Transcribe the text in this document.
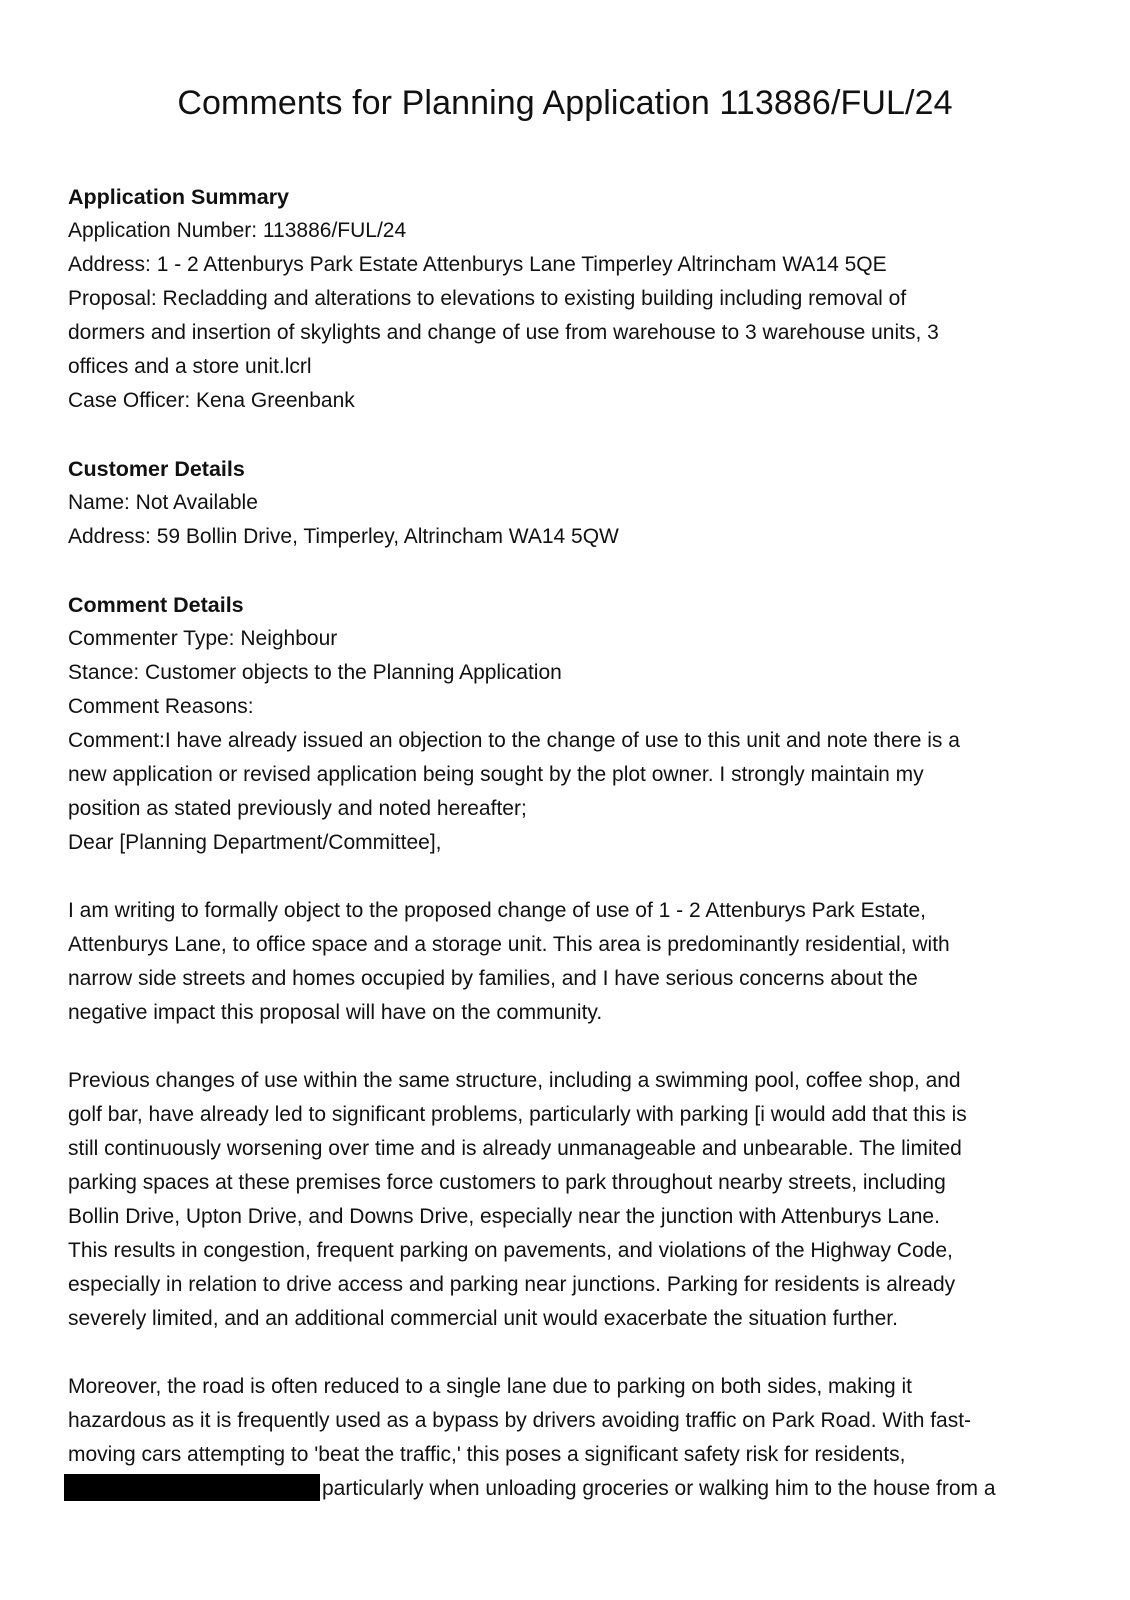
Comments for Planning Application 113886/FUL/24

Application Summary

Application Number: 113886/FUL/24

Address: 1 - 2 Attenburys Park Estate Attenburys Lane Timperley Altrincham WA14 5QE

Proposal: Recladding and alterations to elevations to existing building including removal of

dormers and insertion of skylights and change of use from warehouse to 3 warehouse units, 3

offices and a store unit.lcrl

Case Officer: Kena Greenbank

Customer Details

Name: Not Available

Address: 59 Bollin Drive, Timperley, Altrincham WA14 5QW

Comment Details

Commenter Type: Neighbour

Stance: Customer objects to the Planning Application

Comment Reasons:

Comment:I have already issued an objection to the change of use to this unit and note there is a

new application or revised application being sought by the plot owner. I strongly maintain my

position as stated previously and noted hereafter;

Dear [Planning Department/Committee],

I am writing to formally object to the proposed change of use of 1 - 2 Attenburys Park Estate,

Attenburys Lane, to office space and a storage unit. This area is predominantly residential, with

narrow side streets and homes occupied by families, and I have serious concerns about the

negative impact this proposal will have on the community.

Previous changes of use within the same structure, including a swimming pool, coffee shop, and

golf bar, have already led to significant problems, particularly with parking [i would add that this is

still continuously worsening over time and is already unmanageable and unbearable. The limited

parking spaces at these premises force customers to park throughout nearby streets, including

Bollin Drive, Upton Drive, and Downs Drive, especially near the junction with Attenburys Lane.

This results in congestion, frequent parking on pavements, and violations of the Highway Code,

especially in relation to drive access and parking near junctions. Parking for residents is already

severely limited, and an additional commercial unit would exacerbate the situation further.

Moreover, the road is often reduced to a single lane due to parking on both sides, making it

hazardous as it is frequently used as a bypass by drivers avoiding traffic on Park Road. With fast-

moving cars attempting to 'beat the traffic,' this poses a significant safety risk for residents,

particularly when unloading groceries or walking him to the house from a
